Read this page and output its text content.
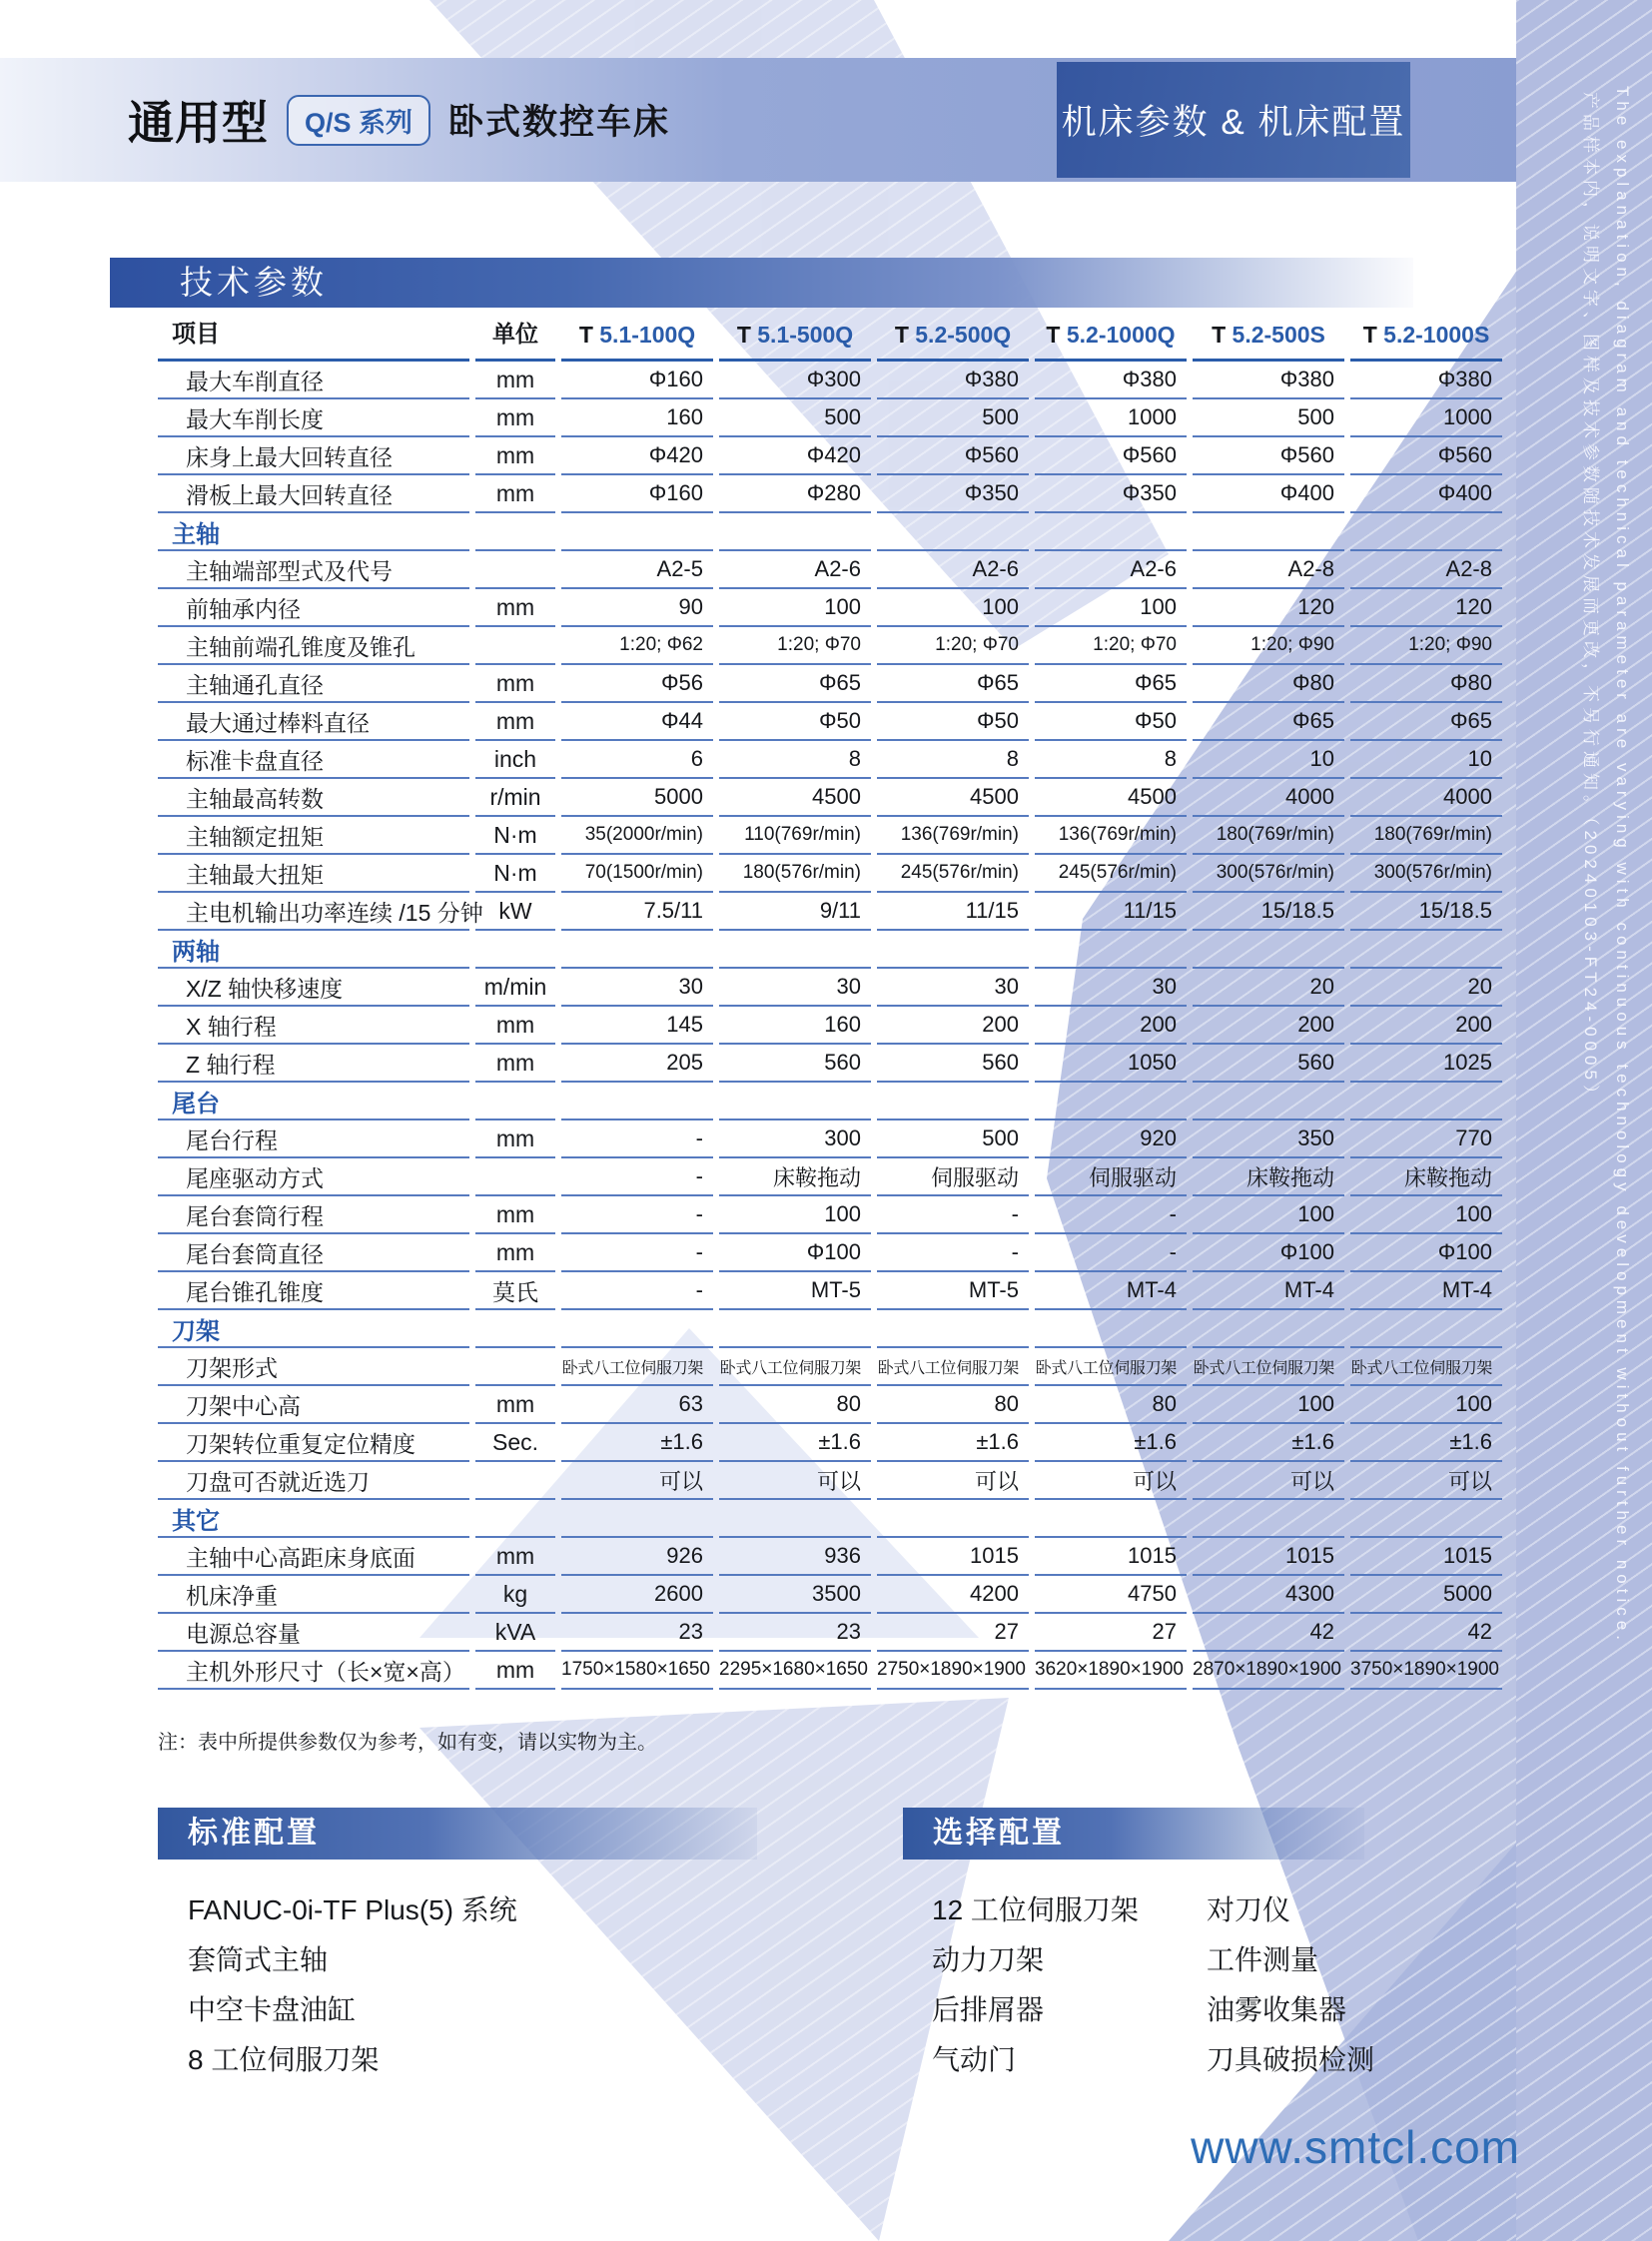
通用型	Q/S 系列	卧式数控车床	机床参数 & 机床配置	产品样本内，说明文字、图样及技术参数随技术发展而更改，不另行通知。（20240103-FT24-0005） The explanation, diagram and technical parameter are varying with continuous technology development without further notice.
技术参数
项目	单位	T 5.1-100Q	T 5.1-500Q	T 5.2-500Q	T 5.2-1000Q	T 5.2-500S	T 5.2-1000S
最大车削直径	mm	Φ160	Φ300	Φ380	Φ380	Φ380	Φ380
最大车削长度	mm	160	500	500	1000	500	1000
床身上最大回转直径	mm	Φ420	Φ420	Φ560	Φ560	Φ560	Φ560
滑板上最大回转直径	mm	Φ160	Φ280	Φ350	Φ350	Φ400	Φ400
主轴							
主轴端部型式及代号		A2-5	A2-6	A2-6	A2-6	A2-8	A2-8
前轴承内径	mm	90	100	100	100	120	120
主轴前端孔锥度及锥孔		1:20; Φ62	1:20; Φ70	1:20; Φ70	1:20; Φ70	1:20; Φ90	1:20; Φ90
主轴通孔直径	mm	Φ56	Φ65	Φ65	Φ65	Φ80	Φ80
最大通过棒料直径	mm	Φ44	Φ50	Φ50	Φ50	Φ65	Φ65
标准卡盘直径	inch	6	8	8	8	10	10
主轴最高转数	r/min	5000	4500	4500	4500	4000	4000
主轴额定扭矩	N·m	35(2000r/min)	110(769r/min)	136(769r/min)	136(769r/min)	180(769r/min)	180(769r/min)
主轴最大扭矩	N·m	70(1500r/min)	180(576r/min)	245(576r/min)	245(576r/min)	300(576r/min)	300(576r/min)
主电机输出功率连续 /15 分钟	kW	7.5/11	9/11	11/15	11/15	15/18.5	15/18.5
两轴							
X/Z 轴快移速度	m/min	30	30	30	30	20	20
X 轴行程	mm	145	160	200	200	200	200
Z 轴行程	mm	205	560	560	1050	560	1025
尾台							
尾台行程	mm	-	300	500	920	350	770
尾座驱动方式		-	床鞍拖动	伺服驱动	伺服驱动	床鞍拖动	床鞍拖动
尾台套筒行程	mm	-	100	-	-	100	100
尾台套筒直径	mm	-	Φ100	-	-	Φ100	Φ100
尾台锥孔锥度	莫氏	-	MT-5	MT-5	MT-4	MT-4	MT-4
刀架							
刀架形式		卧式八工位伺服刀架	卧式八工位伺服刀架	卧式八工位伺服刀架	卧式八工位伺服刀架	卧式八工位伺服刀架	卧式八工位伺服刀架
刀架中心高	mm	63	80	80	80	100	100
刀架转位重复定位精度	Sec.	±1.6	±1.6	±1.6	±1.6	±1.6	±1.6
刀盘可否就近选刀		可以	可以	可以	可以	可以	可以
其它							
主轴中心高距床身底面	mm	926	936	1015	1015	1015	1015
机床净重	kg	2600	3500	4200	4750	4300	5000
电源总容量	kVA	23	23	27	27	42	42
主机外形尺寸（长×宽×高）	mm	1750×1580×1650	2295×1680×1650	2750×1890×1900	3620×1890×1900	2870×1890×1900	3750×1890×1900
注：表中所提供参数仅为参考，如有变，请以实物为主。
标准配置
FANUC-0i-TF Plus(5) 系统
套筒式主轴
中空卡盘油缸
8 工位伺服刀架
选择配置
12 工位伺服刀架
动力刀架
后排屑器
气动门
对刀仪
工件测量
油雾收集器
刀具破损检测
www.smtcl.com
